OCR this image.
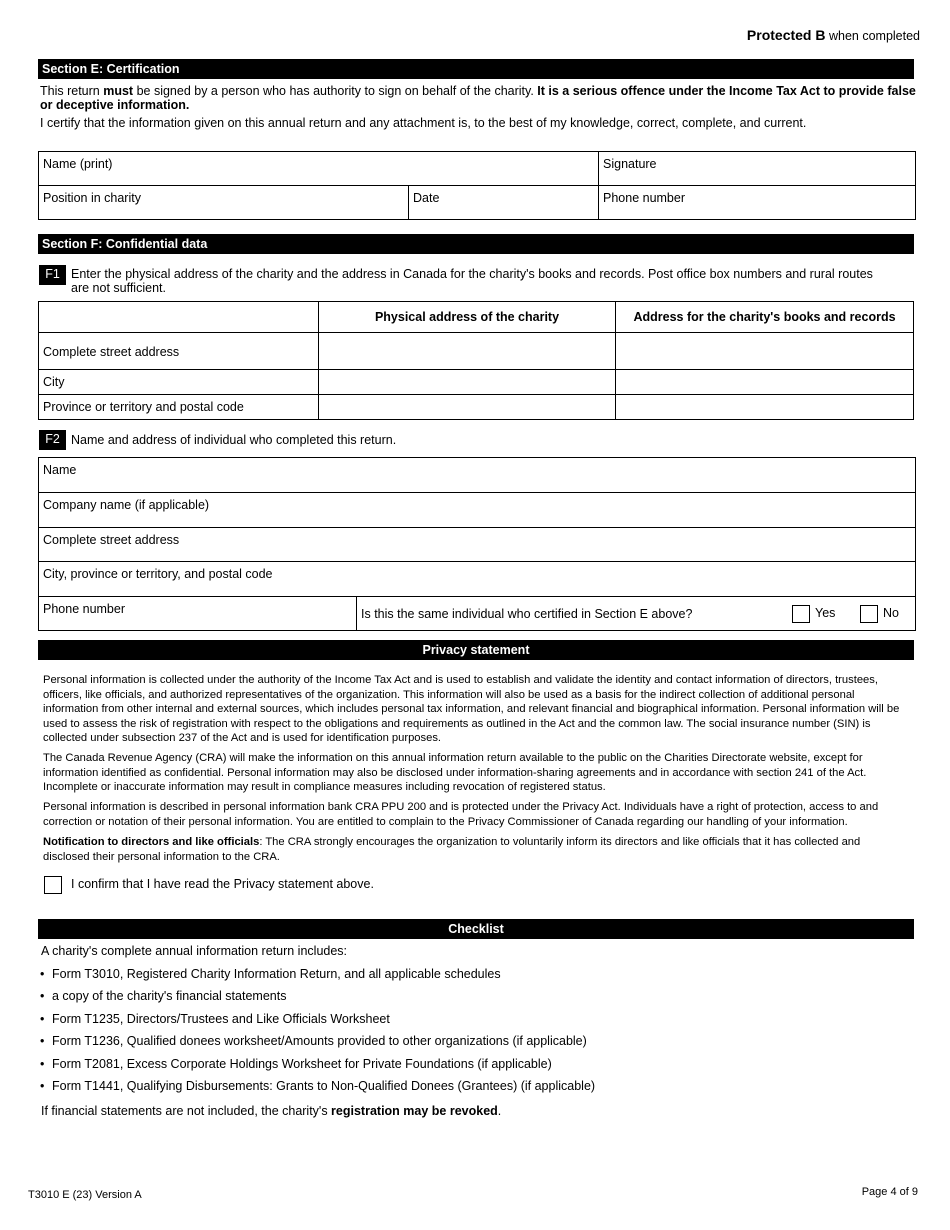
Protected B when completed
Section E: Certification
This return must be signed by a person who has authority to sign on behalf of the charity. It is a serious offence under the Income Tax Act to provide false or deceptive information.
I certify that the information given on this annual return and any attachment is, to the best of my knowledge, correct, complete, and current.
Name (print)	Signature
Position in charity	Date	Phone number
Section F: Confidential data
F1 Enter the physical address of the charity and the address in Canada for the charity's books and records. Post office box numbers and rural routes are not sufficient.
Physical address of the charity	Address for the charity's books and records
Complete street address
City
Province or territory and postal code
F2 Name and address of individual who completed this return.
Name
Company name (if applicable)
Complete street address
City, province or territory, and postal code
Phone number	Is this the same individual who certified in Section E above?	Yes	No
Privacy statement
Personal information is collected under the authority of the Income Tax Act and is used to establish and validate the identity and contact information of directors, trustees, officers, like officials, and authorized representatives of the organization. This information will also be used as a basis for the indirect collection of additional personal information from other internal and external sources, which includes personal tax information, and relevant financial and biographical information. Personal information will be used to assess the risk of registration with respect to the obligations and requirements as outlined in the Act and the common law. The social insurance number (SIN) is collected under subsection 237 of the Act and is used for identification purposes.
The Canada Revenue Agency (CRA) will make the information on this annual information return available to the public on the Charities Directorate website, except for information identified as confidential. Personal information may also be disclosed under information-sharing agreements and in accordance with section 241 of the Act. Incomplete or inaccurate information may result in compliance measures including revocation of registered status.
Personal information is described in personal information bank CRA PPU 200 and is protected under the Privacy Act. Individuals have a right of protection, access to and correction or notation of their personal information. You are entitled to complain to the Privacy Commissioner of Canada regarding our handling of your information.
Notification to directors and like officials: The CRA strongly encourages the organization to voluntarily inform its directors and like officials that it has collected and disclosed their personal information to the CRA.
I confirm that I have read the Privacy statement above.
Checklist
A charity's complete annual information return includes:
• Form T3010, Registered Charity Information Return, and all applicable schedules
• a copy of the charity's financial statements
• Form T1235, Directors/Trustees and Like Officials Worksheet
• Form T1236, Qualified donees worksheet/Amounts provided to other organizations (if applicable)
• Form T2081, Excess Corporate Holdings Worksheet for Private Foundations (if applicable)
• Form T1441, Qualifying Disbursements: Grants to Non-Qualified Donees (Grantees) (if applicable)
If financial statements are not included, the charity's registration may be revoked.
T3010 E (23) Version A	Page 4 of 9
